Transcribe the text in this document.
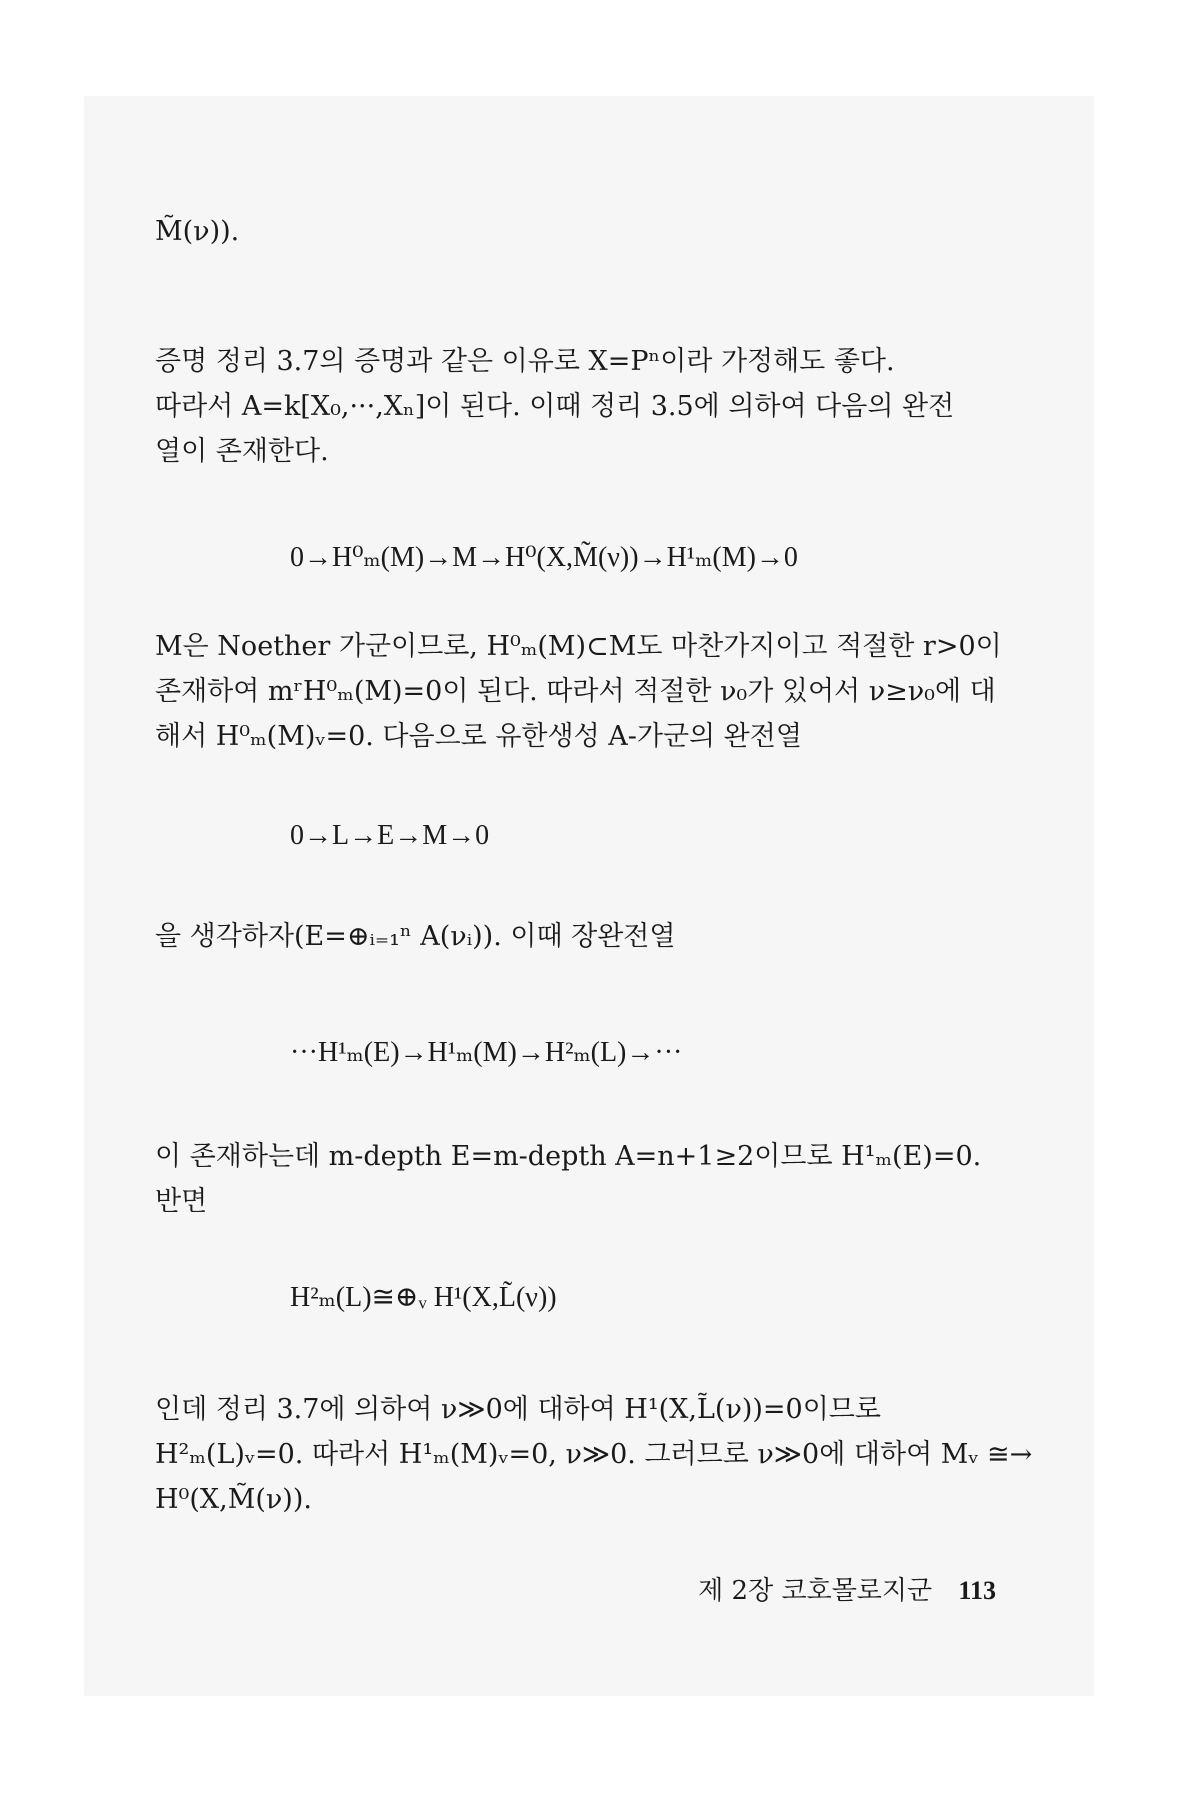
M̃(ν)).
증명 정리 3.7의 증명과 같은 이유로 X=Pⁿ이라 가정해도 좋다.
따라서 A=k[X₀,···,Xₙ]이 된다. 이때 정리 3.5에 의하여 다음의 완전
열이 존재한다.
0→H⁰ₘ(M)→M→H⁰(X,M̃(ν))→H¹ₘ(M)→0
M은 Noether 가군이므로, H⁰ₘ(M)⊂M도 마찬가지이고 적절한 r>0이
존재하여 mʳH⁰ₘ(M)=0이 된다. 따라서 적절한 ν₀가 있어서 ν≥ν₀에 대
해서 H⁰ₘ(M)ᵥ=0. 다음으로 유한생성 A-가군의 완전열
0→L→E→M→0
을 생각하자(E=⊕ᵢ₌₁ⁿ A(νᵢ)). 이때 장완전열
···H¹ₘ(E)→H¹ₘ(M)→H²ₘ(L)→···
이 존재하는데 m-depth E=m-depth A=n+1≥2이므로 H¹ₘ(E)=0.
반면
H²ₘ(L)≅⊕ᵥ H¹(X,L̃(ν))
인데 정리 3.7에 의하여 ν≫0에 대하여 H¹(X,L̃(ν))=0이므로
H²ₘ(L)ᵥ=0. 따라서 H¹ₘ(M)ᵥ=0, ν≫0. 그러므로 ν≫0에 대하여 Mᵥ ≅→
H⁰(X,M̃(ν)).
제 2장 코호몰로지군 113
